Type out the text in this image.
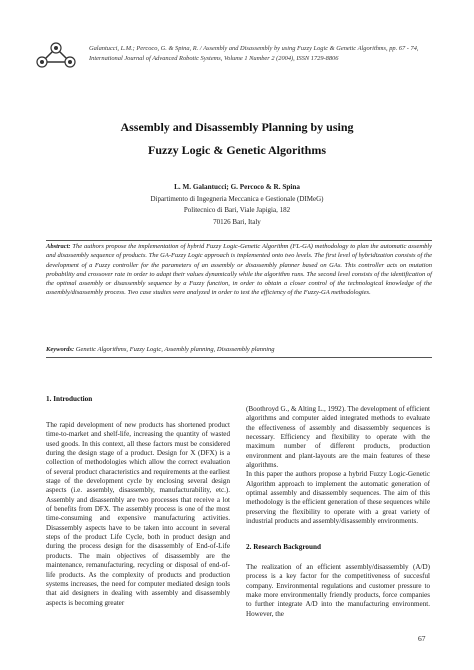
Galantucci, L.M.; Percoco, G. & Spina, R. / Assembly and Disassembly by using Fuzzy Logic & Genetic Algorithms, pp. 67 - 74, International Journal of Advanced Robotic Systems, Volume 1 Number 2 (2004), ISSN 1729-8806
Assembly and Disassembly Planning by using
Fuzzy Logic & Genetic Algorithms
L. M. Galantucci; G. Percoco & R. Spina
Dipartimento di Ingegneria Meccanica e Gestionale (DIMeG)
Politecnico di Bari, Viale Japigia, 182
70126 Bari, Italy
Abstract: The authors propose the implementation of hybrid Fuzzy Logic-Genetic Algorithm (FL-GA) methodology to plan the automatic assembly and disassembly sequence of products. The GA-Fuzzy Logic approach is implemented onto two levels. The first level of hybridization consists of the development of a Fuzzy controller for the parameters of an assembly or disassembly planner based on GAs. This controller acts on mutation probability and crossover rate in order to adapt their values dynamically while the algorithm runs. The second level consists of the identification of the optimal assembly or disassembly sequence by a Fuzzy function, in order to obtain a closer control of the technological knowledge of the assembly/disassembly process. Two case studies were analyzed in order to test the efficiency of the Fuzzy-GA methodologies.
Keywords: Genetic Algorithms, Fuzzy Logic, Assembly planning, Disassembly planning
1. Introduction

The rapid development of new products has shortened product time-to-market and shelf-life, increasing the quantity of wasted used goods. In this context, all these factors must be considered during the design stage of a product. Design for X (DFX) is a collection of methodologies which allow the correct evaluation of several product characteristics and requirements at the earliest stage of the development cycle by enclosing several design aspects (i.e. assembly, disassembly, manufacturability, etc.). Assembly and disassembly are two processes that receive a lot of benefits from DFX. The assembly process is one of the most time-consuming and expensive manufacturing activities. Disassembly aspects have to be taken into account in several steps of the product Life Cycle, both in product design and during the process design for the disassembly of End-of-Life products. The main objectives of disassembly are the maintenance, remanufacturing, recycling or disposal of end-of-life products. As the complexity of products and production systems increases, the need for computer mediated design tools that aid designers in dealing with assembly and disassembly aspects is becoming greater

(Boothroyd G., & Alting L., 1992). The development of efficient algorithms and computer aided integrated methods to evaluate the effectiveness of assembly and disassembly sequences is necessary. Efficiency and flexibility to operate with the maximum number of different products, production environment and plant-layouts are the main features of these algorithms.

In this paper the authors propose a hybrid Fuzzy Logic-Genetic Algorithm approach to implement the automatic generation of optimal assembly and disassembly sequences. The aim of this methodology is the efficient generation of these sequences while preserving the flexibility to operate with a great variety of industrial products and assembly/disassembly environments.

2. Research Background

The realization of an efficient assembly/disassembly (A/D) process is a key factor for the competitiveness of succesful company. Environmental regulations and customer pressure to make more environmentally friendly products, force companies to further integrate A/D into the manufacturing environment. However, the

67
